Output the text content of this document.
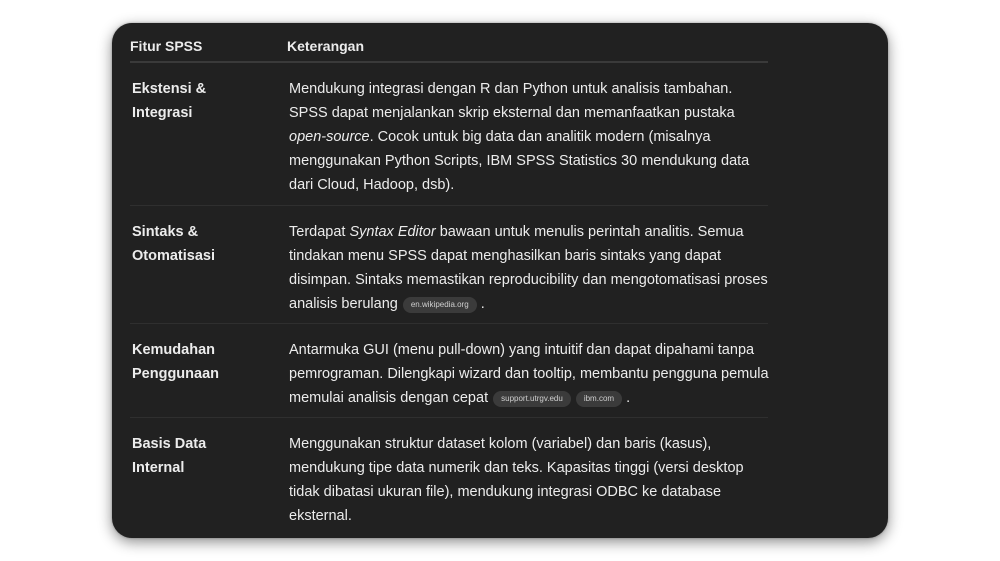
Fitur SPSS	Keterangan
Ekstensi & Integrasi
Mendukung integrasi dengan R dan Python untuk analisis tambahan. SPSS dapat menjalankan skrip eksternal dan memanfaatkan pustaka open-source. Cocok untuk big data dan analitik modern (misalnya menggunakan Python Scripts, IBM SPSS Statistics 30 mendukung data dari Cloud, Hadoop, dsb).
Sintaks & Otomatisasi
Terdapat Syntax Editor bawaan untuk menulis perintah analitis. Semua tindakan menu SPSS dapat menghasilkan baris sintaks yang dapat disimpan. Sintaks memastikan reproducibility dan mengotomatisasi proses analisis berulang en.wikipedia.org .
Kemudahan Penggunaan
Antarmuka GUI (menu pull-down) yang intuitif dan dapat dipahami tanpa pemrograman. Dilengkapi wizard dan tooltip, membantu pengguna pemula memulai analisis dengan cepat support.utrgv.edu	ibm.com .
Basis Data Internal
Menggunakan struktur dataset kolom (variabel) dan baris (kasus), mendukung tipe data numerik dan teks. Kapasitas tinggi (versi desktop tidak dibatasi ukuran file), mendukung integrasi ODBC ke database eksternal.
